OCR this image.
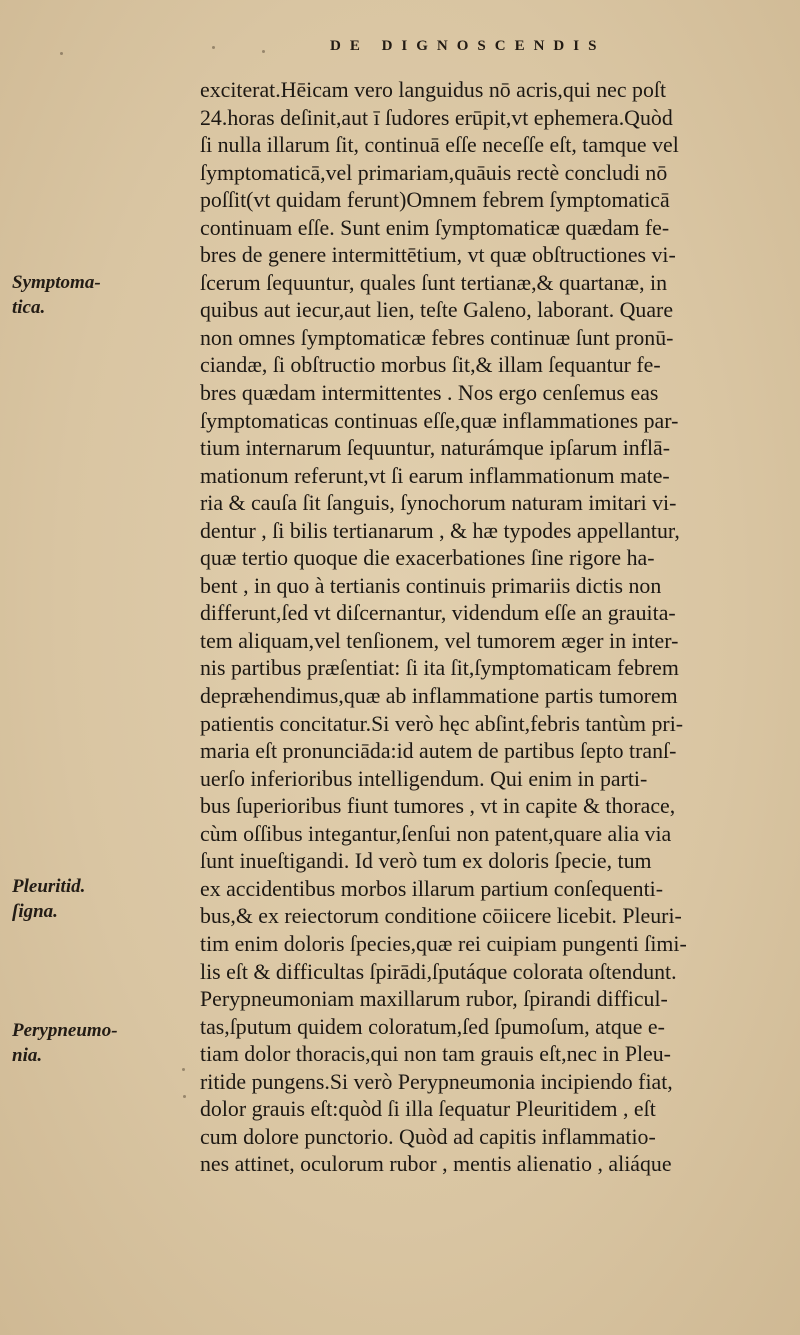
DE DIGNOSCENDIS
Symptoma-
tica.
Pleuritid.
ſigna.
Perypneumo-
nia.
exciterat.Hēicam vero languidus nō acris,qui nec poſt
24.horas deſinit,aut ī ſudores erūpit,vt ephemera.Quòd
ſi nulla illarum ſit, continuā eſſe neceſſe eſt, tamque vel
ſymptomaticā,vel primariam,quāuis rectè concludi nō
poſſit(vt quidam ferunt)Omnem febrem ſymptomaticā
continuam eſſe. Sunt enim ſymptomaticæ quædam fe-
bres de genere intermittētium, vt quæ obſtructiones vi-
ſcerum ſequuntur, quales ſunt tertianæ,& quartanæ, in
quibus aut iecur,aut lien, teſte Galeno, laborant. Quare
non omnes ſymptomaticæ febres continuæ ſunt pronū-
ciandæ, ſi obſtructio morbus ſit,& illam ſequantur fe-
bres quædam intermittentes . Nos ergo cenſemus eas
ſymptomaticas continuas eſſe,quæ inflammationes par-
tium internarum ſequuntur, naturámque ipſarum inflā-
mationum referunt,vt ſi earum inflammationum mate-
ria & cauſa ſit ſanguis, ſynochorum naturam imitari vi-
dentur , ſi bilis tertianarum , & hæ typodes appellantur,
quæ tertio quoque die exacerbationes ſine rigore ha-
bent , in quo à tertianis continuis primariis dictis non
differunt,ſed vt diſcernantur, videndum eſſe an grauita-
tem aliquam,vel tenſionem, vel tumorem æger in inter-
nis partibus præſentiat: ſi ita ſit,ſymptomaticam febrem
depræhendimus,quæ ab inflammatione partis tumorem
patientis concitatur.Si verò hęc abſint,febris tantùm pri-
maria eſt pronunciāda:id autem de partibus ſepto tranſ-
uerſo inferioribus intelligendum. Qui enim in parti-
bus ſuperioribus fiunt tumores , vt in capite & thorace,
cùm oſſibus integantur,ſenſui non patent,quare alia via
ſunt inueſtigandi. Id verò tum ex doloris ſpecie, tum
ex accidentibus morbos illarum partium conſequenti-
bus,& ex reiectorum conditione cōiicere licebit. Pleuri-
tim enim doloris ſpecies,quæ rei cuipiam pungenti ſimi-
lis eſt & difficultas ſpirādi,ſputáque colorata oſtendunt.
Perypneumoniam maxillarum rubor, ſpirandi difficul-
tas,ſputum quidem coloratum,ſed ſpumoſum, atque e-
tiam dolor thoracis,qui non tam grauis eſt,nec in Pleu-
ritide pungens.Si verò Perypneumonia incipiendo fiat,
dolor grauis eſt:quòd ſi illa ſequatur Pleuritidem , eſt
cum dolore punctorio. Quòd ad capitis inflammatio-
nes attinet, oculorum rubor , mentis alienatio , aliáque
